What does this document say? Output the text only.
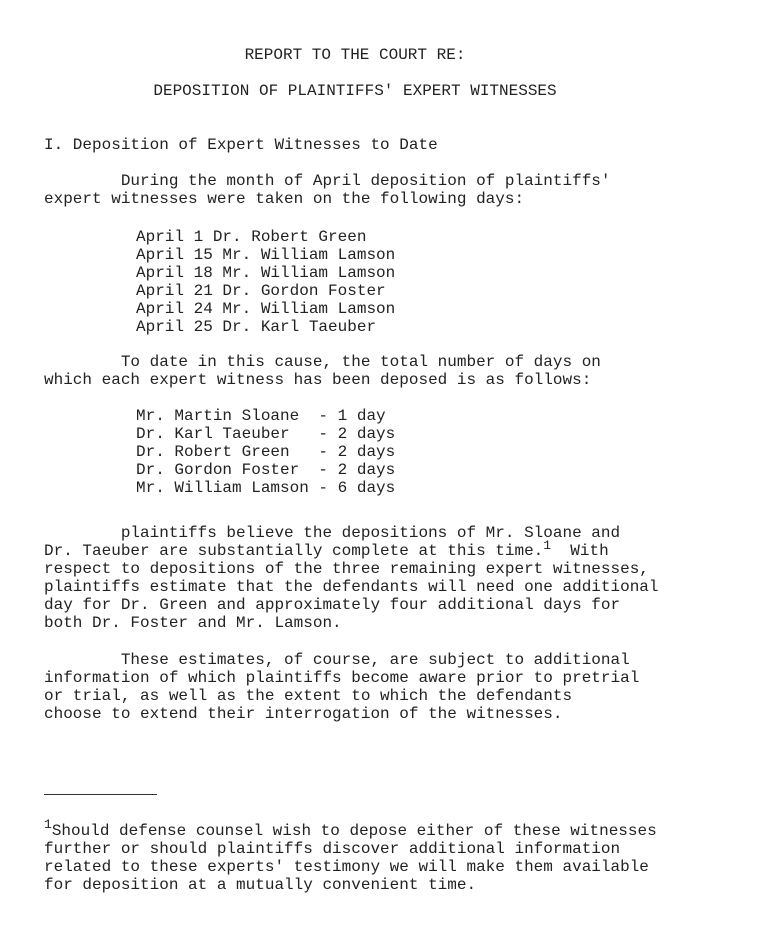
REPORT TO THE COURT RE:
DEPOSITION OF PLAINTIFFS' EXPERT WITNESSES
I. Deposition of Expert Witnesses to Date
During the month of April deposition of plaintiffs'
expert witnesses were taken on the following days:
April 1 Dr. Robert Green
April 15 Mr. William Lamson
April 18 Mr. William Lamson
April 21 Dr. Gordon Foster
April 24 Mr. William Lamson
April 25 Dr. Karl Taeuber
To date in this cause, the total number of days on
which each expert witness has been deposed is as follows:
Mr. Martin Sloane  - 1 day
Dr. Karl Taeuber   - 2 days
Dr. Robert Green   - 2 days
Dr. Gordon Foster  - 2 days
Mr. William Lamson - 6 days
plaintiffs believe the depositions of Mr. Sloane and
Dr. Taeuber are substantially complete at this time.$^1$  With
respect to depositions of the three remaining expert witnesses,
plaintiffs estimate that the defendants will need one additional
day for Dr. Green and approximately four additional days for
both Dr. Foster and Mr. Lamson.
These estimates, of course, are subject to additional
information of which plaintiffs become aware prior to pretrial
or trial, as well as the extent to which the defendants
choose to extend their interrogation of the witnesses.
$^1$Should defense counsel wish to depose either of these witnesses
further or should plaintiffs discover additional information
related to these experts' testimony we will make them available
for deposition at a mutually convenient time.
